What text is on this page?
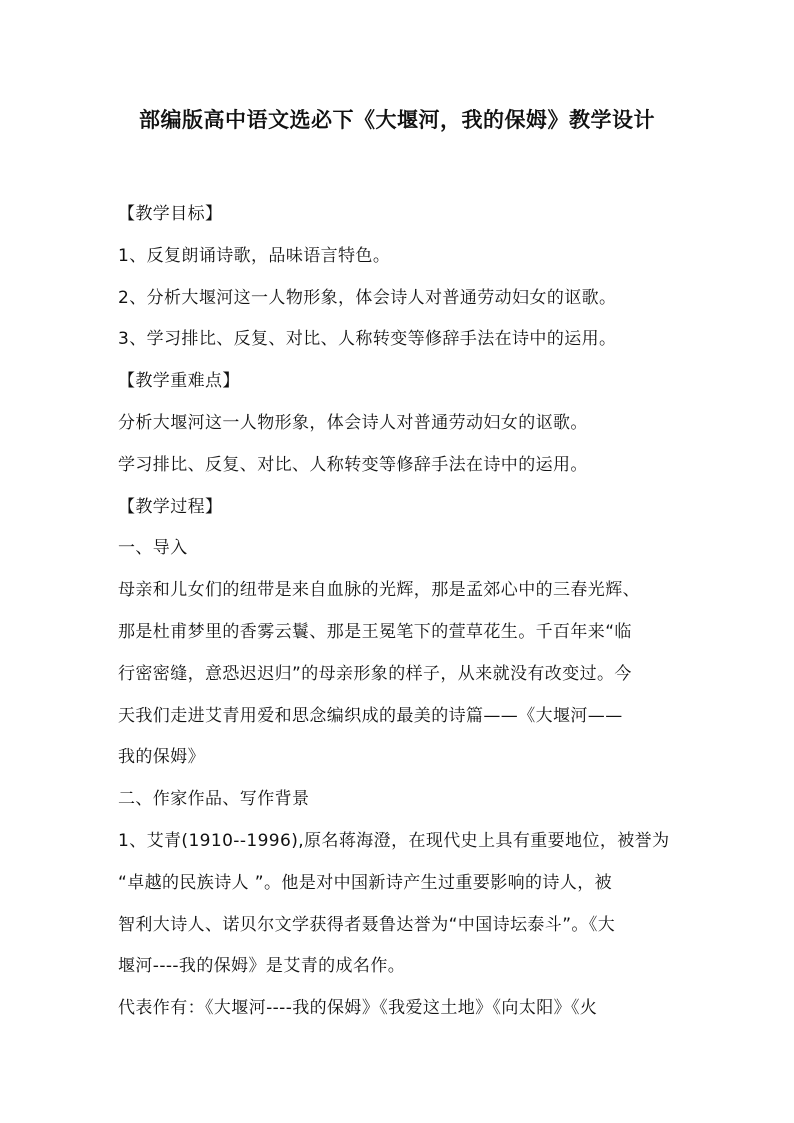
部编版高中语文选必下《大堰河，我的保姆》教学设计
【教学目标】
1、反复朗诵诗歌，品味语言特色。
2、分析大堰河这一人物形象，体会诗人对普通劳动妇女的讴歌。
3、学习排比、反复、对比、人称转变等修辞手法在诗中的运用。
【教学重难点】
分析大堰河这一人物形象，体会诗人对普通劳动妇女的讴歌。
学习排比、反复、对比、人称转变等修辞手法在诗中的运用。
【教学过程】
一、导入
母亲和儿女们的纽带是来自血脉的光辉，那是孟郊心中的三春光辉、
那是杜甫梦里的香雾云鬟、那是王冕笔下的萱草花生。千百年来“临
行密密缝，意恐迟迟归”的母亲形象的样子，从来就没有改变过。今
天我们走进艾青用爱和思念编织成的最美的诗篇——《大堰河——
我的保姆》
二、作家作品、写作背景
1、艾青(1910--1996),原名蒋海澄，在现代史上具有重要地位，被誉为
“卓越的民族诗人 ”。他是对中国新诗产生过重要影响的诗人，被
智利大诗人、诺贝尔文学获得者聂鲁达誉为“中国诗坛泰斗”。《大
堰河----我的保姆》是艾青的成名作。
代表作有：《大堰河----我的保姆》《我爱这土地》《向太阳》《火
